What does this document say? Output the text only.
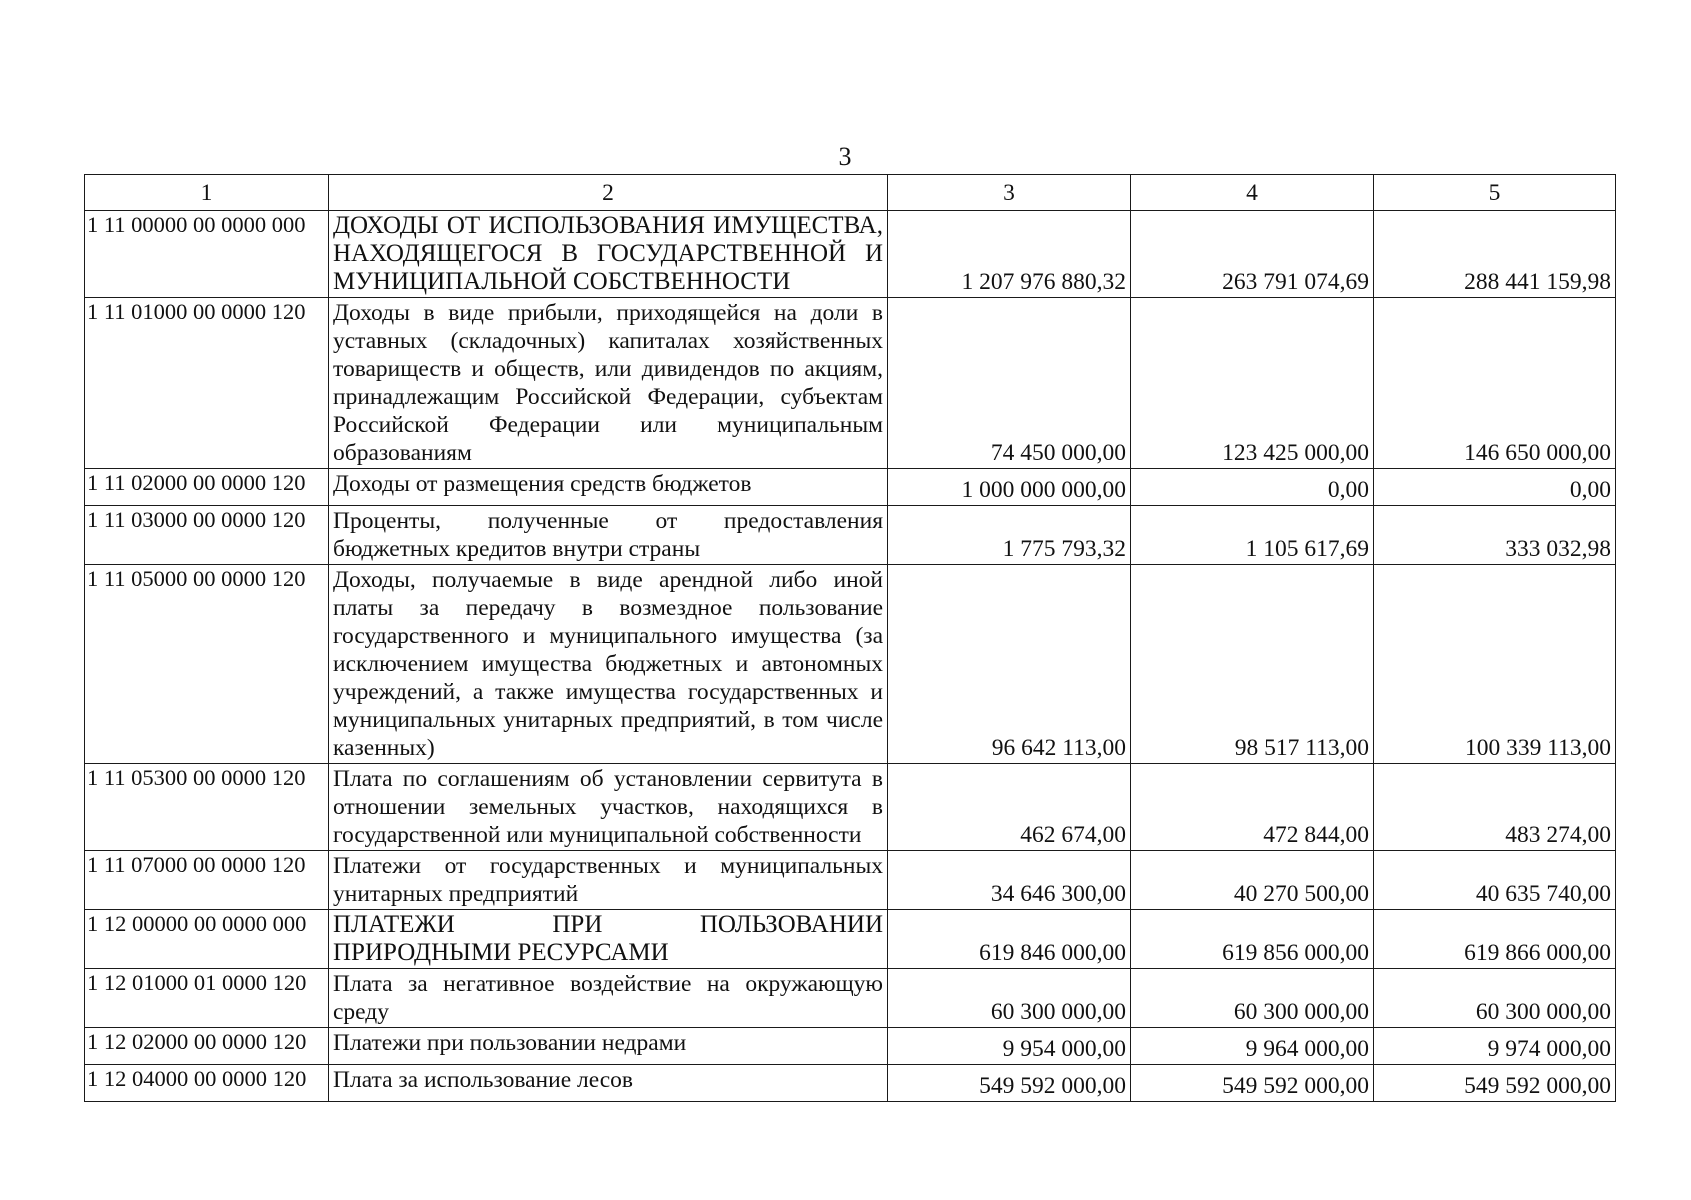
3
1	2	3	4	5
1 11 00000 00 0000 000	ДОХОДЫ ОТ ИСПОЛЬЗОВАНИЯ ИМУЩЕСТВА, НАХОДЯЩЕГОСЯ В ГОСУДАРСТВЕННОЙ И МУНИЦИПАЛЬНОЙ СОБСТВЕННОСТИ	1 207 976 880,32	263 791 074,69	288 441 159,98
1 11 01000 00 0000 120	Доходы в виде прибыли, приходящейся на доли в уставных (складочных) капиталах хозяйственных товариществ и обществ, или дивидендов по акциям, принадлежащим Российской Федерации, субъектам Российской Федерации или муниципальным образованиям	74 450 000,00	123 425 000,00	146 650 000,00
1 11 02000 00 0000 120	Доходы от размещения средств бюджетов	1 000 000 000,00	0,00	0,00
1 11 03000 00 0000 120	Проценты, полученные от предоставления бюджетных кредитов внутри страны	1 775 793,32	1 105 617,69	333 032,98
1 11 05000 00 0000 120	Доходы, получаемые в виде арендной либо иной платы за передачу в возмездное пользование государственного и муниципального имущества (за исключением имущества бюджетных и автономных учреждений, а также имущества государственных и муниципальных унитарных предприятий, в том числе казенных)	96 642 113,00	98 517 113,00	100 339 113,00
1 11 05300 00 0000 120	Плата по соглашениям об установлении сервитута в отношении земельных участков, находящихся в государственной или муниципальной собственности	462 674,00	472 844,00	483 274,00
1 11 07000 00 0000 120	Платежи от государственных и муниципальных унитарных предприятий	34 646 300,00	40 270 500,00	40 635 740,00
1 12 00000 00 0000 000	ПЛАТЕЖИ ПРИ ПОЛЬЗОВАНИИ ПРИРОДНЫМИ РЕСУРСАМИ	619 846 000,00	619 856 000,00	619 866 000,00
1 12 01000 01 0000 120	Плата за негативное воздействие на окружающую среду	60 300 000,00	60 300 000,00	60 300 000,00
1 12 02000 00 0000 120	Платежи при пользовании недрами	9 954 000,00	9 964 000,00	9 974 000,00
1 12 04000 00 0000 120	Плата за использование лесов	549 592 000,00	549 592 000,00	549 592 000,00
